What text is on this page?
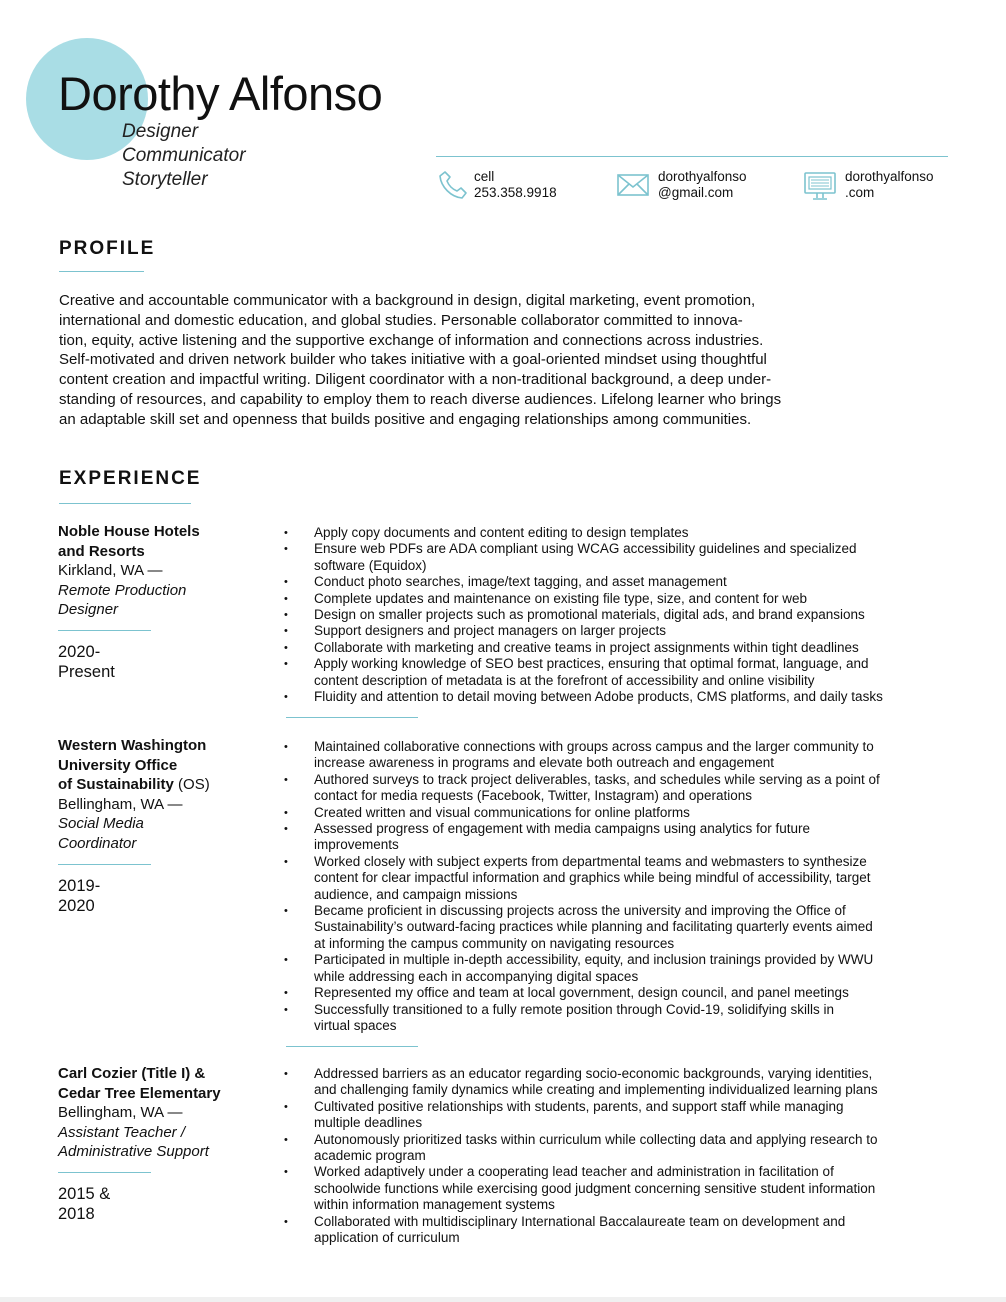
Dorothy Alfonso
Designer
Communicator
Storyteller	cell
253.358.9918
dorothyalfonso
@gmail.com
dorothyalfonso
.com
PROFILE

Creative and accountable communicator with a background in design, digital marketing, event promotion,
international and domestic education, and global studies. Personable collaborator committed to innova-
tion, equity, active listening and the supportive exchange of information and connections across industries.
Self-motivated and driven network builder who takes initiative with a goal-oriented mindset using thoughtful
content creation and impactful writing. Diligent coordinator with a non-traditional background, a deep under-
standing of resources, and capability to employ them to reach diverse audiences. Lifelong learner who brings
an adaptable skill set and openness that builds positive and engaging relationships among communities.

EXPERIENCE
Noble House Hotels
and Resorts
Kirkland, WA —
Remote Production
Designer
2020-
Present
• Apply copy documents and content editing to design templates
• Ensure web PDFs are ADA compliant using WCAG accessibility guidelines and specialized
software (Equidox)
• Conduct photo searches, image/text tagging, and asset management
• Complete updates and maintenance on existing file type, size, and content for web
• Design on smaller projects such as promotional materials, digital ads, and brand expansions
• Support designers and project managers on larger projects
• Collaborate with marketing and creative teams in project assignments within tight deadlines
• Apply working knowledge of SEO best practices, ensuring that optimal format, language, and
content description of metadata is at the forefront of accessibility and online visibility
• Fluidity and attention to detail moving between Adobe products, CMS platforms, and daily tasks
Western Washington
University Office
of Sustainability (OS)
Bellingham, WA —
Social Media
Coordinator
2019-
2020
• Maintained collaborative connections with groups across campus and the larger community to
increase awareness in programs and elevate both outreach and engagement
• Authored surveys to track project deliverables, tasks, and schedules while serving as a point of
contact for media requests (Facebook, Twitter, Instagram) and operations
• Created written and visual communications for online platforms
• Assessed progress of engagement with media campaigns using analytics for future
improvements
• Worked closely with subject experts from departmental teams and webmasters to synthesize
content for clear impactful information and graphics while being mindful of accessibility, target
audience, and campaign missions
• Became proficient in discussing projects across the university and improving the Office of
Sustainability’s outward-facing practices while planning and facilitating quarterly events aimed
at informing the campus community on navigating resources
• Participated in multiple in-depth accessibility, equity, and inclusion trainings provided by WWU
while addressing each in accompanying digital spaces
• Represented my office and team at local government, design council, and panel meetings
• Successfully transitioned to a fully remote position through Covid-19, solidifying skills in
virtual spaces
Carl Cozier (Title I) &
Cedar Tree Elementary
Bellingham, WA —
Assistant Teacher /
Administrative Support
2015 &
2018
• Addressed barriers as an educator regarding socio-economic backgrounds, varying identities,
and challenging family dynamics while creating and implementing individualized learning plans
• Cultivated positive relationships with students, parents, and support staff while managing
multiple deadlines
• Autonomously prioritized tasks within curriculum while collecting data and applying research to
academic program
• Worked adaptively under a cooperating lead teacher and administration in facilitation of
schoolwide functions while exercising good judgment concerning sensitive student information
within information management systems
• Collaborated with multidisciplinary International Baccalaureate team on development and
application of curriculum
